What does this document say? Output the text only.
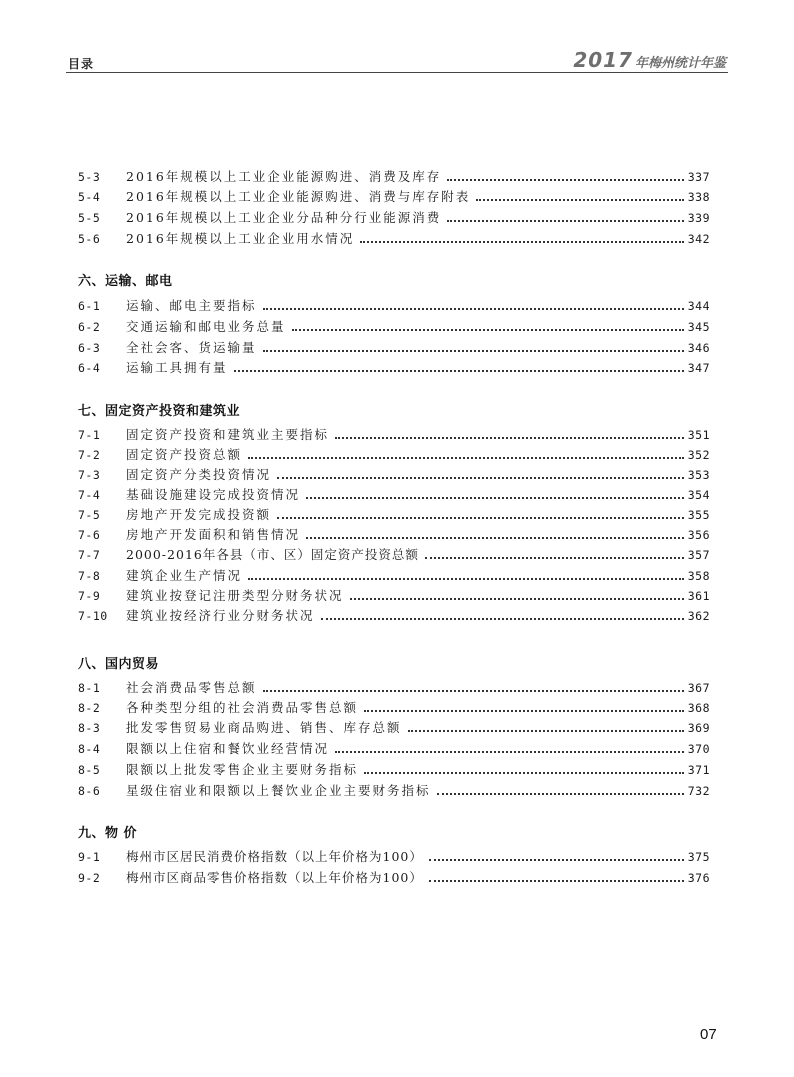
目录	2017 年梅州统计年鉴
5-3	2016年规模以上工业企业能源购进、消费及库存	337
5-4	2016年规模以上工业企业能源购进、消费与库存附表	338
5-5	2016年规模以上工业企业分品种分行业能源消费	339
5-6	2016年规模以上工业企业用水情况	342
六、运输、邮电
6-1	运输、邮电主要指标	344
6-2	交通运输和邮电业务总量	345
6-3	全社会客、货运输量	346
6-4	运输工具拥有量	347
七、固定资产投资和建筑业
7-1	固定资产投资和建筑业主要指标	351
7-2	固定资产投资总额	352
7-3	固定资产分类投资情况	353
7-4	基础设施建设完成投资情况	354
7-5	房地产开发完成投资额	355
7-6	房地产开发面积和销售情况	356
7-7	2000-2016年各县（市、区）固定资产投资总额	357
7-8	建筑企业生产情况	358
7-9	建筑业按登记注册类型分财务状况	361
7-10	建筑业按经济行业分财务状况	362
八、国内贸易
8-1	社会消费品零售总额	367
8-2	各种类型分组的社会消费品零售总额	368
8-3	批发零售贸易业商品购进、销售、库存总额	369
8-4	限额以上住宿和餐饮业经营情况	370
8-5	限额以上批发零售企业主要财务指标	371
8-6	星级住宿业和限额以上餐饮业企业主要财务指标	732
九、物 价
9-1	梅州市区居民消费价格指数（以上年价格为100）	375
9-2	梅州市区商品零售价格指数（以上年价格为100）	376
07
